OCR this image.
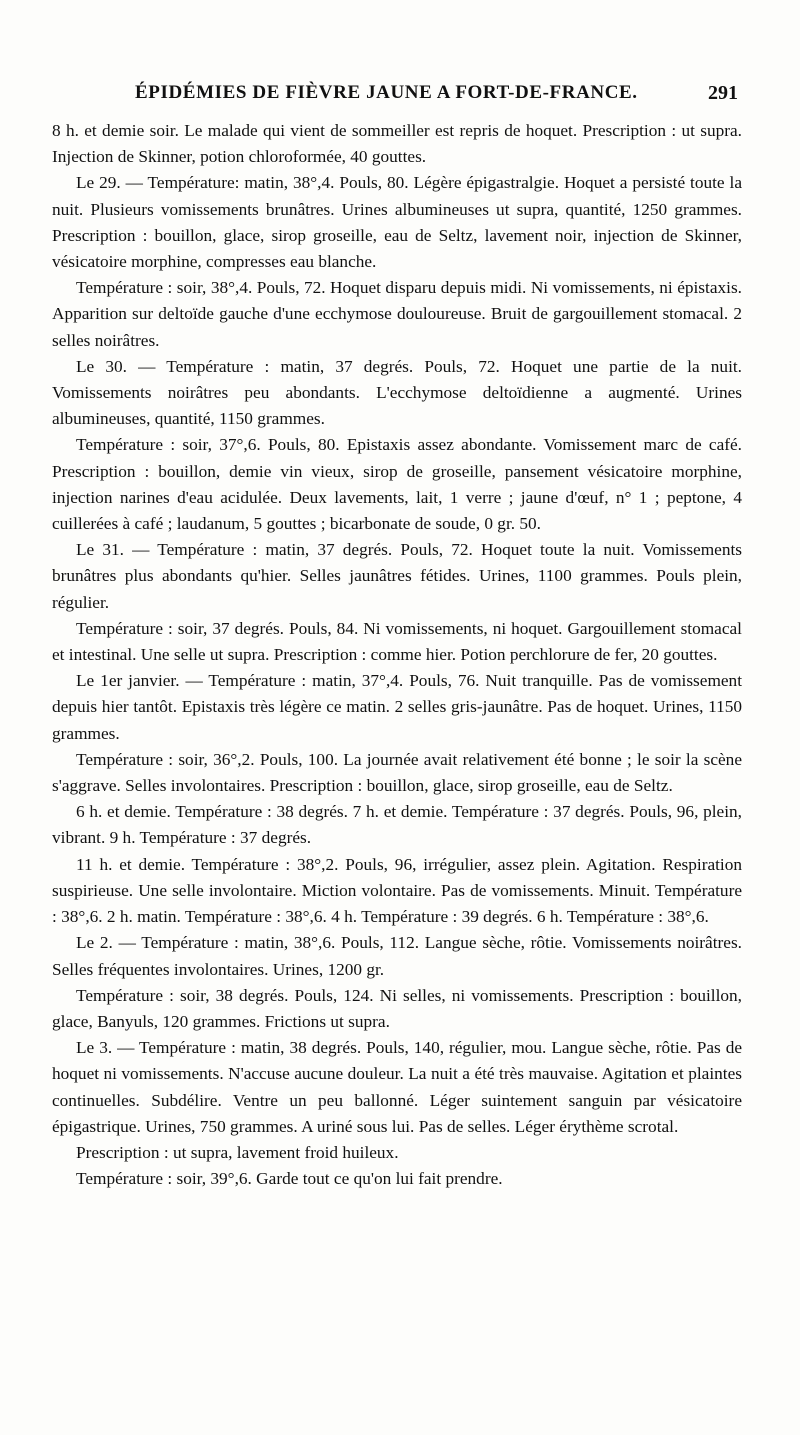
ÉPIDÉMIES DE FIÈVRE JAUNE A FORT-DE-FRANCE.	291

8 h. et demie soir. Le malade qui vient de sommeiller est repris de hoquet. Prescription : ut supra. Injection de Skinner, potion chloroformée, 40 gouttes.

Le 29. — Température: matin, 38°,4. Pouls, 80. Légère épigastralgie. Hoquet a persisté toute la nuit. Plusieurs vomissements brunâtres. Urines albumineuses ut supra, quantité, 1250 grammes. Prescription : bouillon, glace, sirop groseille, eau de Seltz, lavement noir, injection de Skinner, vésicatoire morphine, compresses eau blanche.

Température : soir, 38°,4. Pouls, 72. Hoquet disparu depuis midi. Ni vomissements, ni épistaxis. Apparition sur deltoïde gauche d'une ecchymose douloureuse. Bruit de gargouillement stomacal. 2 selles noirâtres.

Le 30. — Température : matin, 37 degrés. Pouls, 72. Hoquet une partie de la nuit. Vomissements noirâtres peu abondants. L'ecchymose deltoïdienne a augmenté. Urines albumineuses, quantité, 1150 grammes.

Température : soir, 37°,6. Pouls, 80. Epistaxis assez abondante. Vomissement marc de café. Prescription : bouillon, demie vin vieux, sirop de groseille, pansement vésicatoire morphine, injection narines d'eau acidulée. Deux lavements, lait, 1 verre ; jaune d'œuf, n° 1 ; peptone, 4 cuillerées à café ; laudanum, 5 gouttes ; bicarbonate de soude, 0 gr. 50.

Le 31. — Température : matin, 37 degrés. Pouls, 72. Hoquet toute la nuit. Vomissements brunâtres plus abondants qu'hier. Selles jaunâtres fétides. Urines, 1100 grammes. Pouls plein, régulier.

Température : soir, 37 degrés. Pouls, 84. Ni vomissements, ni hoquet. Gargouillement stomacal et intestinal. Une selle ut supra. Prescription : comme hier. Potion perchlorure de fer, 20 gouttes.

Le 1er janvier. — Température : matin, 37°,4. Pouls, 76. Nuit tranquille. Pas de vomissement depuis hier tantôt. Epistaxis très légère ce matin. 2 selles gris-jaunâtre. Pas de hoquet. Urines, 1150 grammes.

Température : soir, 36°,2. Pouls, 100. La journée avait relativement été bonne ; le soir la scène s'aggrave. Selles involontaires. Prescription : bouillon, glace, sirop groseille, eau de Seltz.

6 h. et demie. Température : 38 degrés. 7 h. et demie. Température : 37 degrés. Pouls, 96, plein, vibrant. 9 h. Température : 37 degrés.

11 h. et demie. Température : 38°,2. Pouls, 96, irrégulier, assez plein. Agitation. Respiration suspirieuse. Une selle involontaire. Miction volontaire. Pas de vomissements. Minuit. Température : 38°,6. 2 h. matin. Température : 38°,6. 4 h. Température : 39 degrés. 6 h. Température : 38°,6.

Le 2. — Température : matin, 38°,6. Pouls, 112. Langue sèche, rôtie. Vomissements noirâtres. Selles fréquentes involontaires. Urines, 1200 gr.

Température : soir, 38 degrés. Pouls, 124. Ni selles, ni vomissements. Prescription : bouillon, glace, Banyuls, 120 grammes. Frictions ut supra.

Le 3. — Température : matin, 38 degrés. Pouls, 140, régulier, mou. Langue sèche, rôtie. Pas de hoquet ni vomissements. N'accuse aucune douleur. La nuit a été très mauvaise. Agitation et plaintes continuelles. Subdélire. Ventre un peu ballonné. Léger suintement sanguin par vésicatoire épigastrique. Urines, 750 grammes. A uriné sous lui. Pas de selles. Léger érythème scrotal.

Prescription : ut supra, lavement froid huileux.

Température : soir, 39°,6. Garde tout ce qu'on lui fait prendre.
